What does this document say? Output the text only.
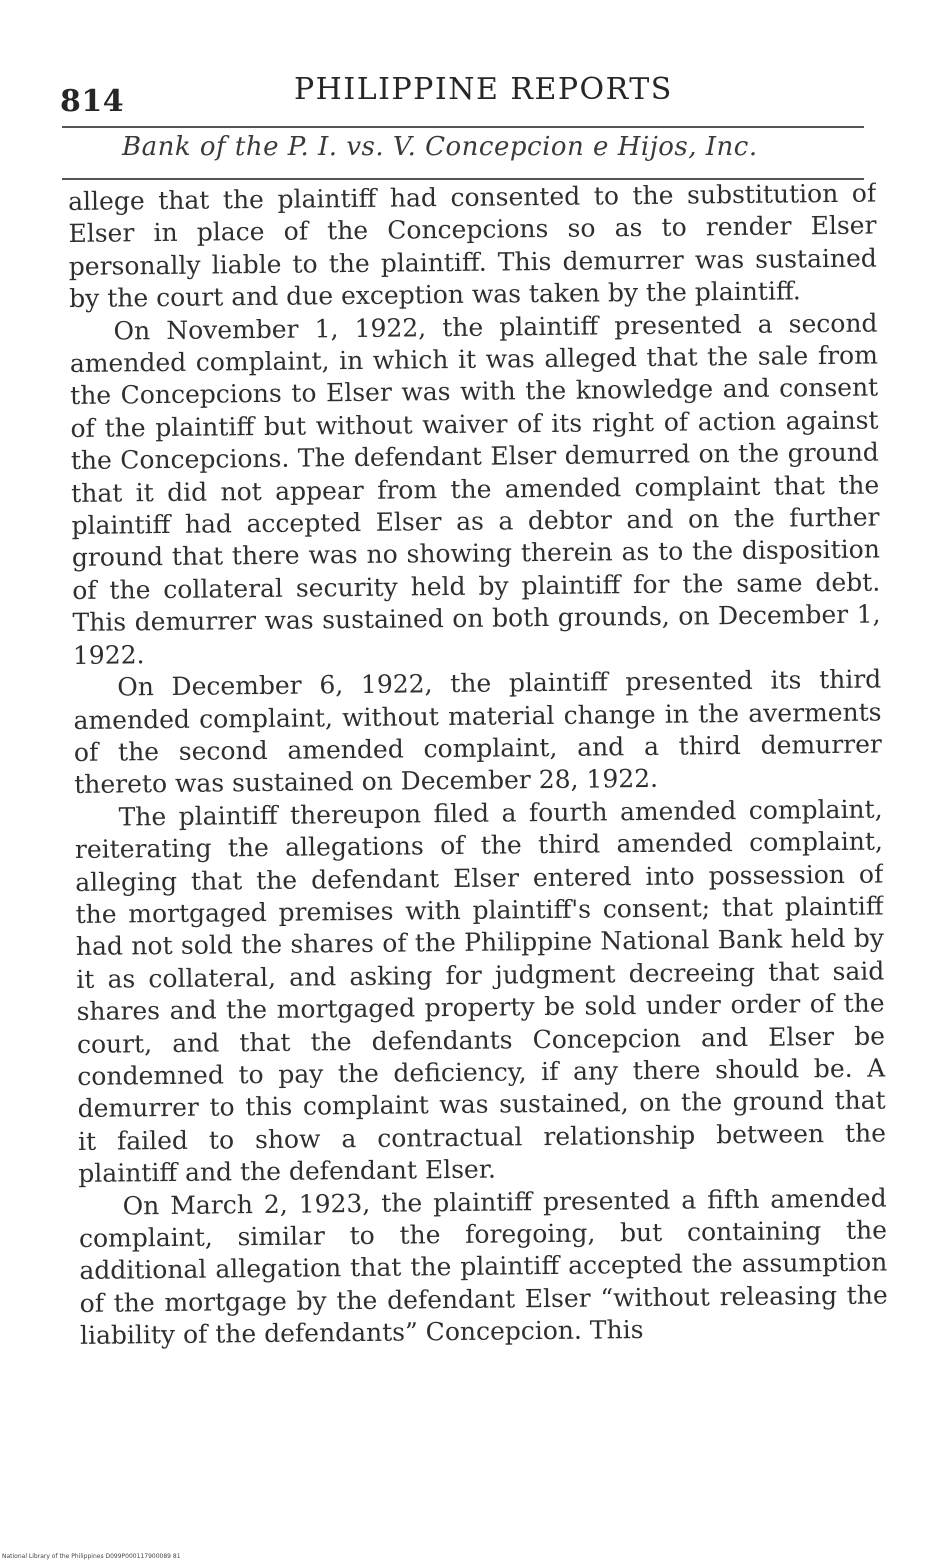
814	PHILIPPINE REPORTS
Bank of the P. I. vs. V. Concepcion e Hijos, Inc.

allege that the plaintiff had consented to the substitution of Elser in place of the Concepcions so as to render Elser personally liable to the plaintiff. This demurrer was sustained by the court and due exception was taken by the plaintiff.

On November 1, 1922, the plaintiff presented a second amended complaint, in which it was alleged that the sale from the Concepcions to Elser was with the knowledge and consent of the plaintiff but without waiver of its right of action against the Concepcions. The defendant Elser demurred on the ground that it did not appear from the amended complaint that the plaintiff had accepted Elser as a debtor and on the further ground that there was no showing therein as to the disposition of the collateral security held by plaintiff for the same debt. This demurrer was sustained on both grounds, on December 1, 1922.

On December 6, 1922, the plaintiff presented its third amended complaint, without material change in the averments of the second amended complaint, and a third demurrer thereto was sustained on December 28, 1922.

The plaintiff thereupon filed a fourth amended complaint, reiterating the allegations of the third amended complaint, alleging that the defendant Elser entered into possession of the mortgaged premises with plaintiff's consent; that plaintiff had not sold the shares of the Philippine National Bank held by it as collateral, and asking for judgment decreeing that said shares and the mortgaged property be sold under order of the court, and that the defendants Concepcion and Elser be condemned to pay the deficiency, if any there should be. A demurrer to this complaint was sustained, on the ground that it failed to show a contractual relationship between the plaintiff and the defendant Elser.

On March 2, 1923, the plaintiff presented a fifth amended complaint, similar to the foregoing, but containing the additional allegation that the plaintiff accepted the assumption of the mortgage by the defendant Elser “without releasing the liability of the defendants” Concepcion. This

National Library of the Philippines D099P000117900089 81
